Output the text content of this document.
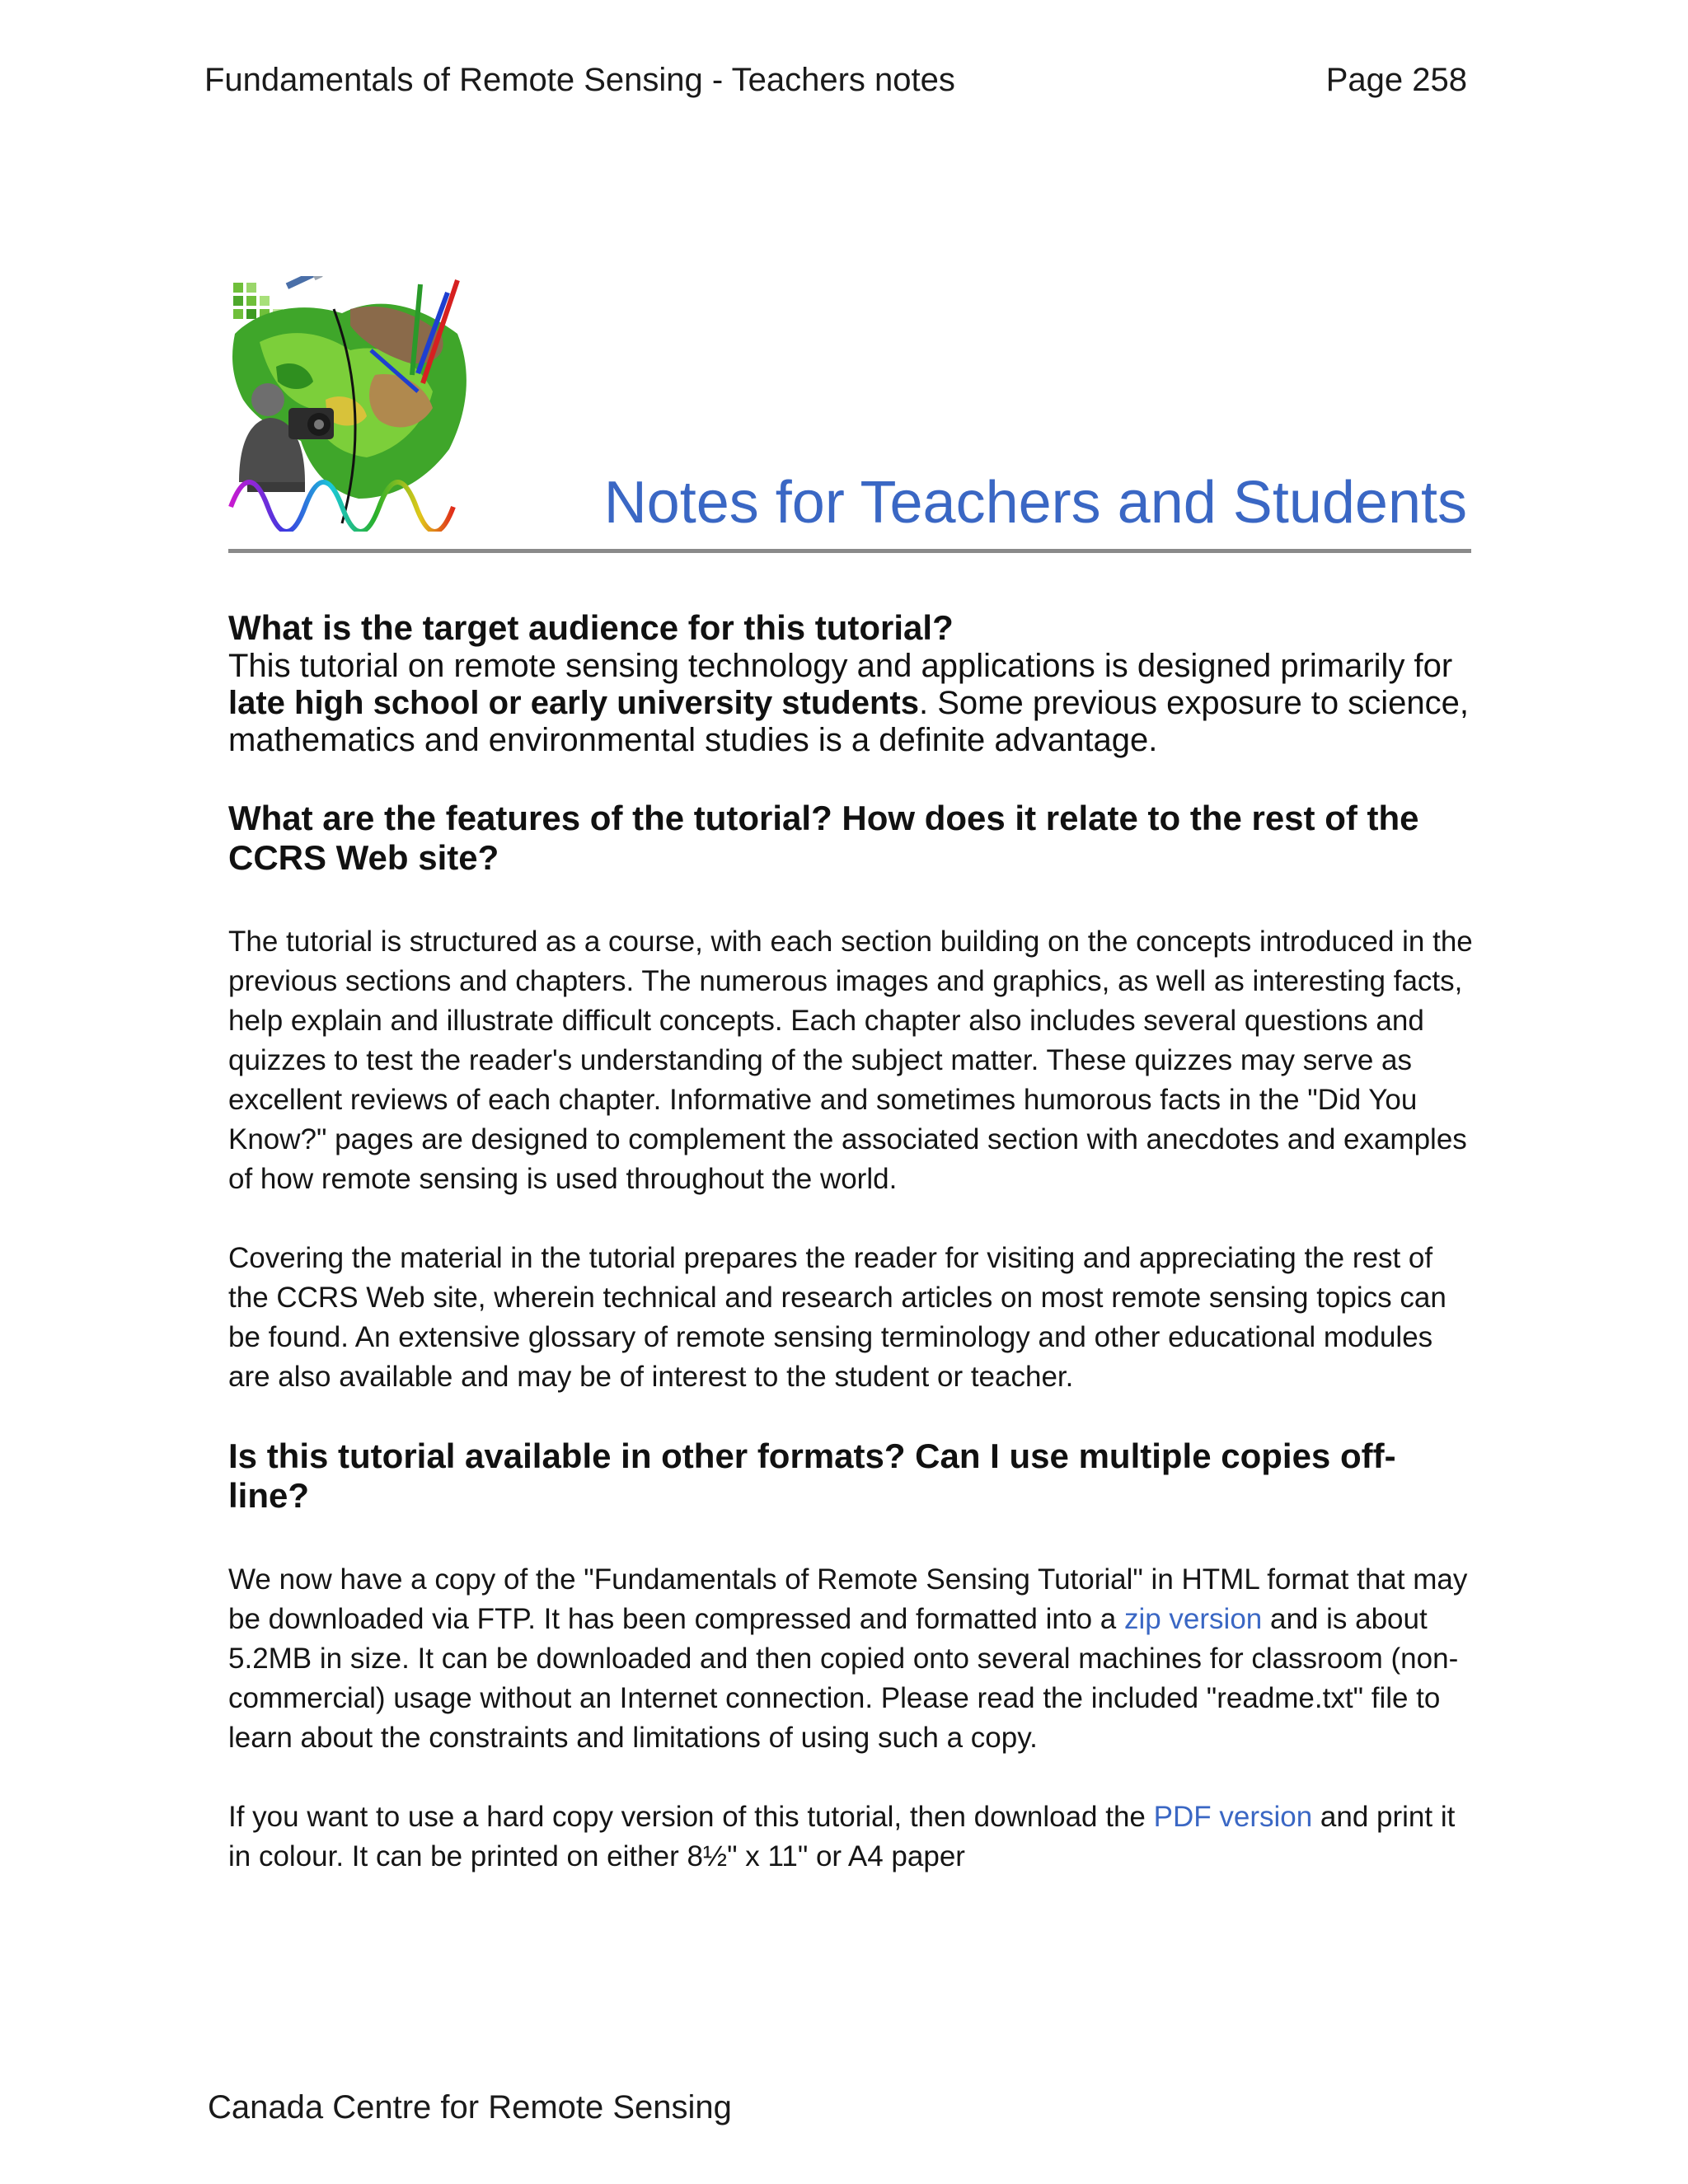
Fundamentals of Remote Sensing - Teachers notes	Page 258
Notes for Teachers and Students
What is the target audience for this tutorial?

This tutorial on remote sensing technology and applications is designed primarily for late high school or early university students. Some previous exposure to science, mathematics and environmental studies is a definite advantage.

What are the features of the tutorial? How does it relate to the rest of the CCRS Web site?

The tutorial is structured as a course, with each section building on the concepts introduced in the previous sections and chapters. The numerous images and graphics, as well as interesting facts, help explain and illustrate difficult concepts. Each chapter also includes several questions and quizzes to test the reader's understanding of the subject matter. These quizzes may serve as excellent reviews of each chapter. Informative and sometimes humorous facts in the "Did You Know?" pages are designed to complement the associated section with anecdotes and examples of how remote sensing is used throughout the world.

Covering the material in the tutorial prepares the reader for visiting and appreciating the rest of the CCRS Web site, wherein technical and research articles on most remote sensing topics can be found. An extensive glossary of remote sensing terminology and other educational modules are also available and may be of interest to the student or teacher.

Is this tutorial available in other formats? Can I use multiple copies off-line?

We now have a copy of the "Fundamentals of Remote Sensing Tutorial" in HTML format that may be downloaded via FTP. It has been compressed and formatted into a zip version and is about 5.2MB in size. It can be downloaded and then copied onto several machines for classroom (non-commercial) usage without an Internet connection. Please read the included "readme.txt" file to learn about the constraints and limitations of using such a copy.

If you want to use a hard copy version of this tutorial, then download the PDF version and print it in colour. It can be printed on either 8½" x 11" or A4 paper

Canada Centre for Remote Sensing
